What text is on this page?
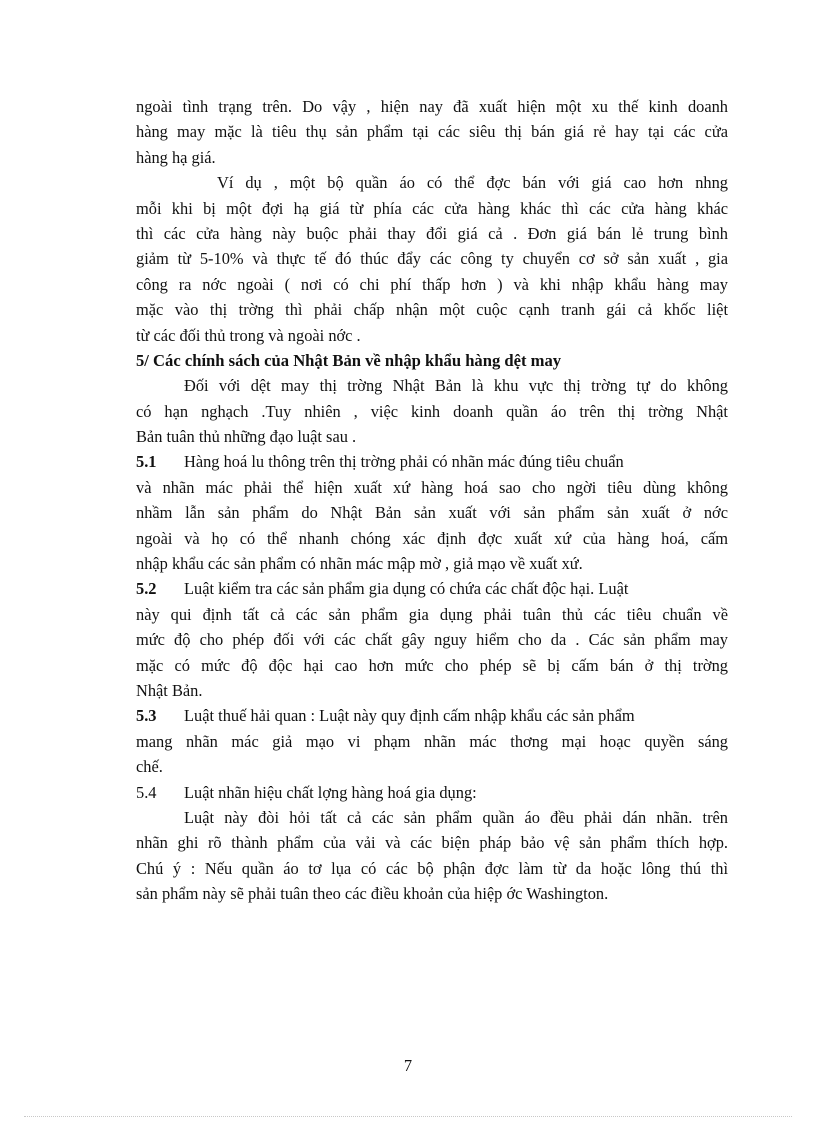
ngoài tình trạng trên. Do vậy , hiện nay đã xuất hiện một xu thế kinh doanh
hàng may mặc là tiêu thụ sản phẩm tại các siêu thị bán giá rẻ hay tại các cửa
hàng hạ giá.
Ví dụ , một bộ quần áo có thể đợc bán với giá cao hơn nhng
mỗi khi bị một đợi hạ giá từ phía các cửa hàng khác thì các cửa hàng khác
thì các cửa hàng này buộc phải thay đổi giá cả . Đơn giá bán lẻ trung bình
giảm từ 5-10% và thực tế đó thúc đẩy các công ty chuyển cơ sở sản xuất , gia
công ra nớc ngoài ( nơi có chi phí thấp hơn ) và khi nhập khẩu hàng may
mặc vào thị trờng thì phải chấp nhận một cuộc cạnh tranh gái cả khốc liệt
từ các đối thủ trong và ngoài nớc .
5/ Các chính sách của Nhật Bản về nhập khẩu hàng dệt may
Đối với dệt may thị trờng Nhật Bản là khu vực thị trờng tự do không
có hạn nghạch .Tuy nhiên , việc kinh doanh quần áo trên thị trờng Nhật
Bản tuân thủ những đạo luật sau .
5.1 Hàng hoá lu thông trên thị trờng phải có nhãn mác đúng tiêu chuẩn
và nhãn mác phải thể hiện xuất xứ hàng hoá sao cho ngời tiêu dùng không
nhầm lẫn sản phẩm do Nhật Bản sản xuất với sản phẩm sản xuất ở nớc
ngoài và họ có thể nhanh chóng xác định đợc xuất xứ của hàng hoá, cấm
nhập khẩu các sản phẩm có nhãn mác mập mờ , giả mạo về xuất xứ.
5.2 Luật kiểm tra các sản phẩm gia dụng có chứa các chất độc hại. Luật
này qui định tất cả các sản phẩm gia dụng phải tuân thủ các tiêu chuẩn về
mức độ cho phép đối với các chất gây nguy hiểm cho da . Các sản phẩm may
mặc có mức độ độc hại cao hơn mức cho phép sẽ bị cấm bán ở thị trờng
Nhật Bản.
5.3 Luật thuế hải quan : Luật này quy định cấm nhập khẩu các sản phẩm
mang nhãn mác giả mạo vi phạm nhãn mác thơng mại hoạc quyền sáng
chế.
5.4 Luật nhãn hiệu chất lợng hàng hoá gia dụng:
Luật này đòi hỏi tất cả các sản phẩm quần áo đều phải dán nhãn. trên
nhãn ghi rõ thành phẩm của vải và các biện pháp bảo vệ sản phẩm thích hợp.
Chú ý : Nếu quần áo tơ lụa có các bộ phận đợc làm từ da hoặc lông thú thì
sản phẩm này sẽ phải tuân theo các điều khoản của hiệp ớc Washington.
7
